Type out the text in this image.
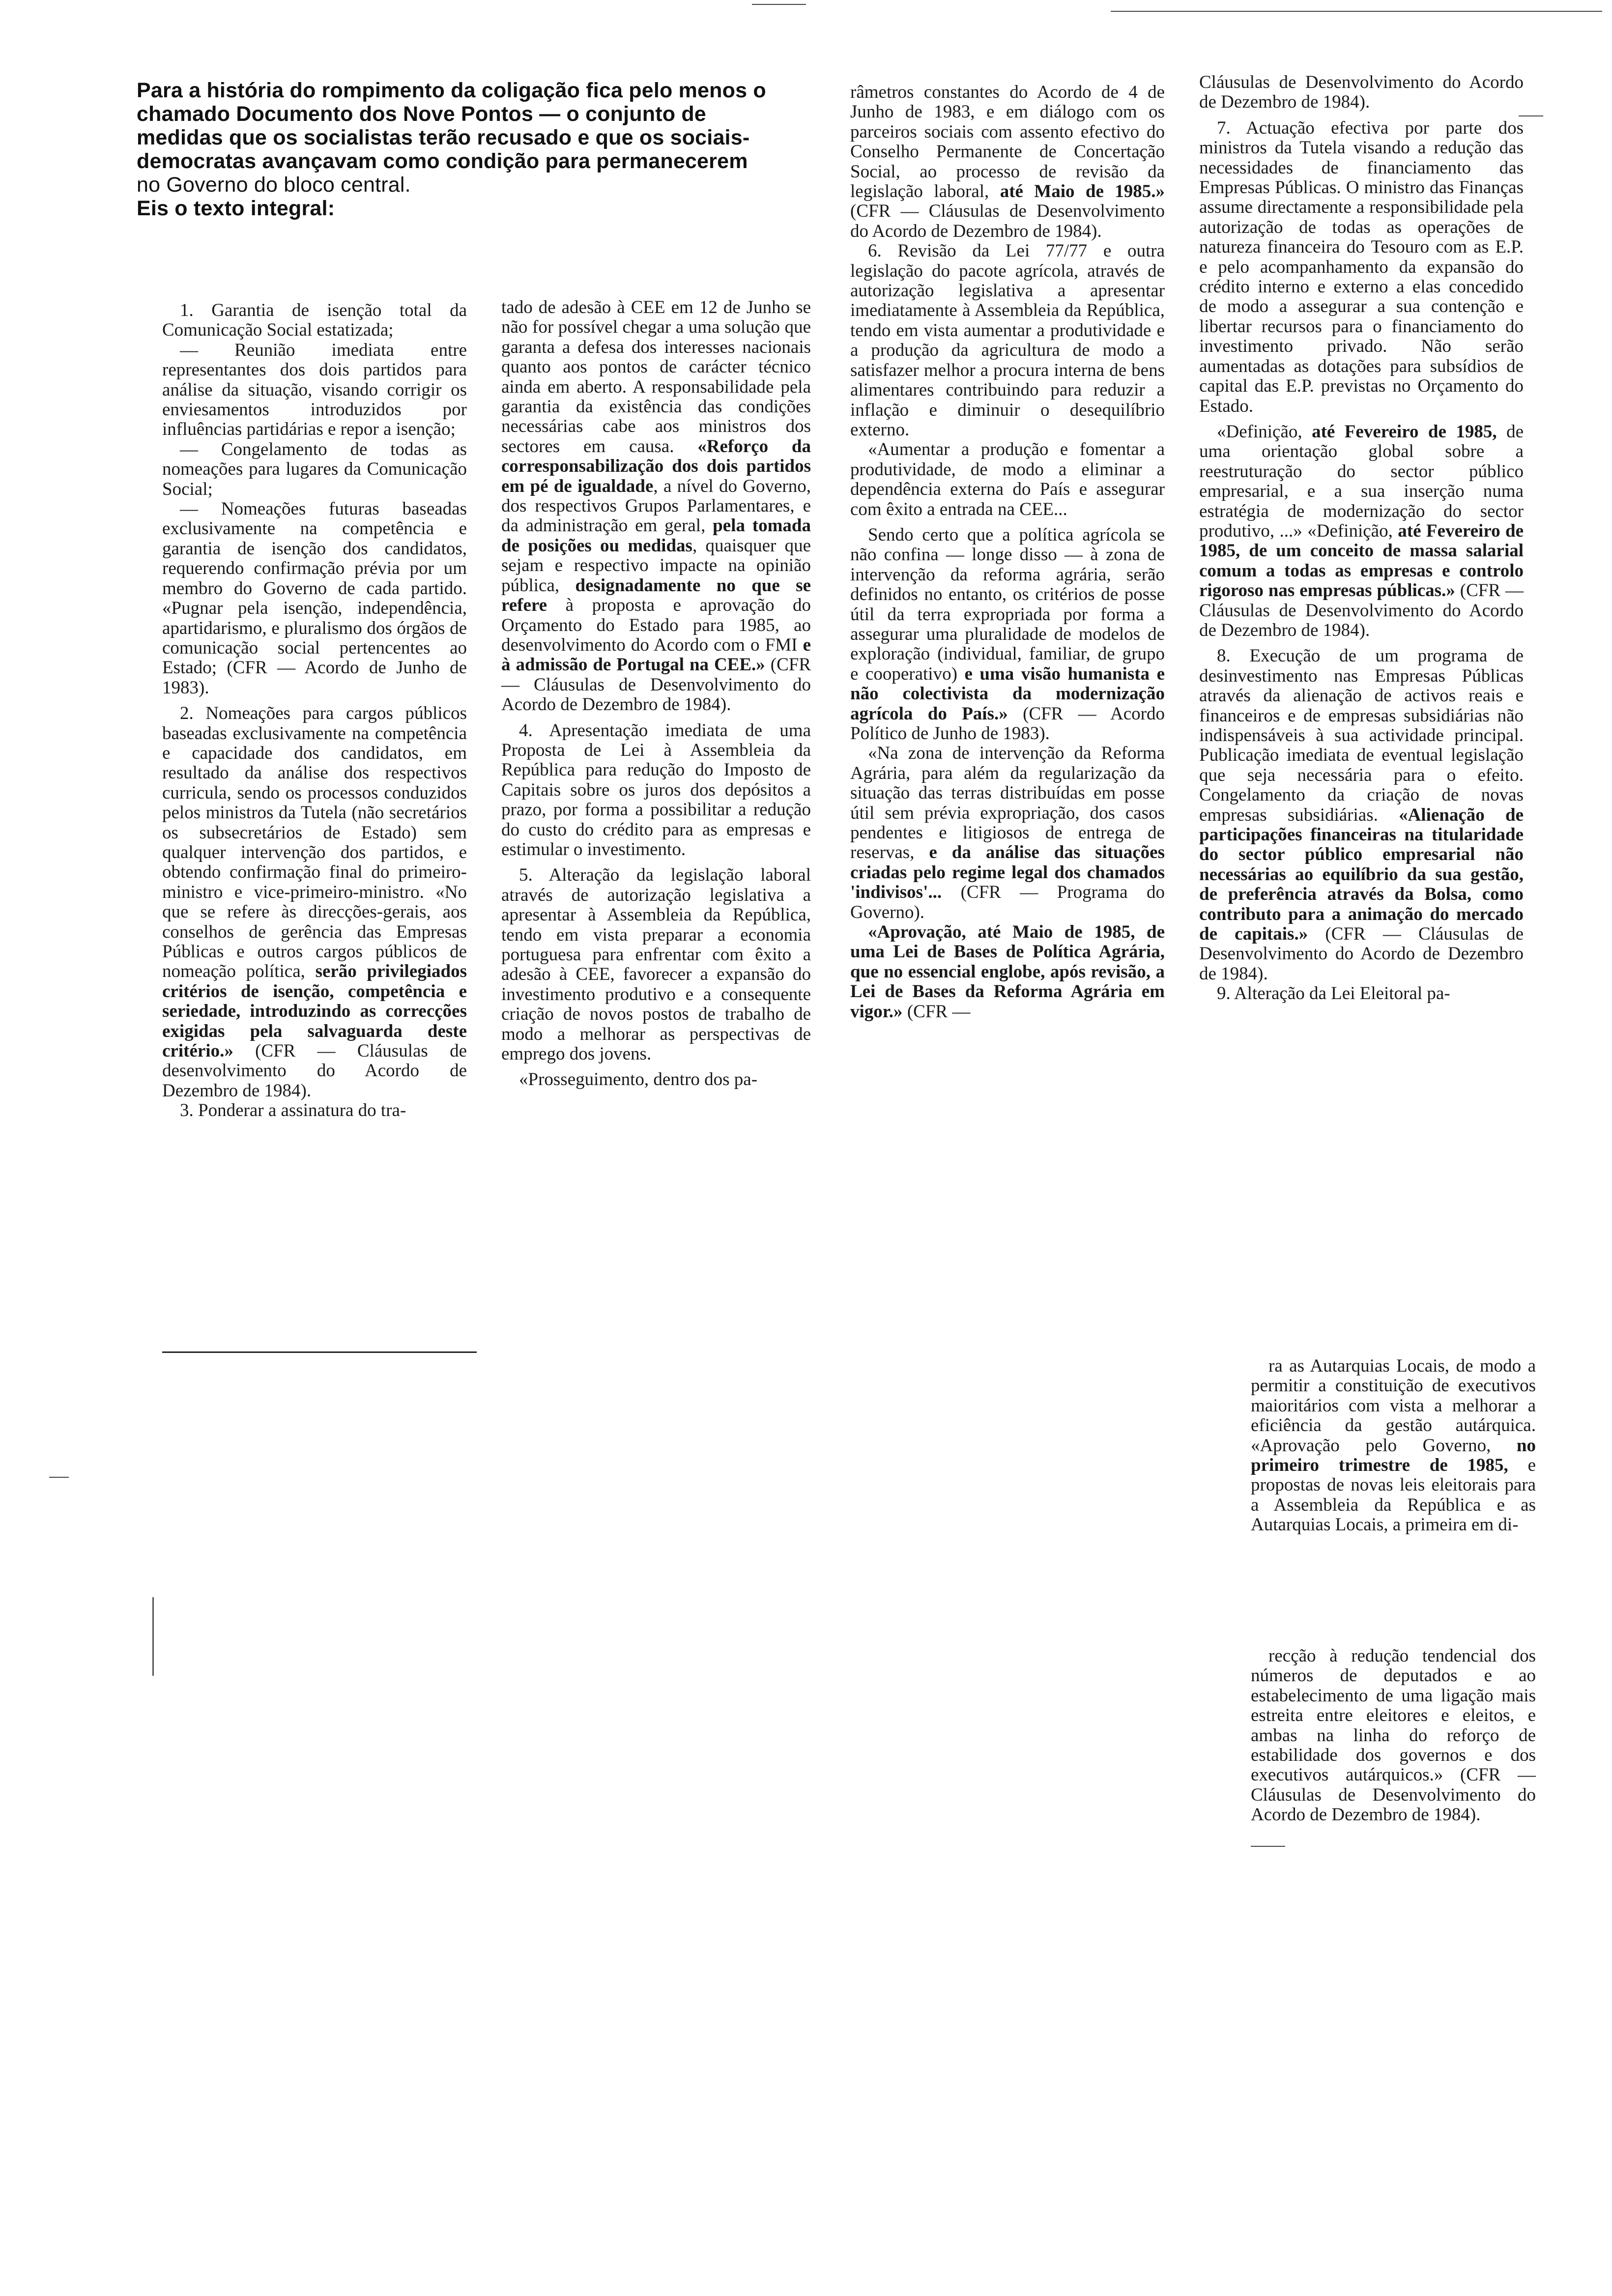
Para a história do rompimento da coligação fica pelo menos o chamado Documento dos Nove Pontos — o conjunto de medidas que os socialistas terão recusado e que os sociais-democratas avançavam como condição para permanecerem no Governo do bloco central.
Eis o texto integral:

1. Garantia de isenção total da Comunicação Social estatizada;

— Reunião imediata entre representantes dos dois partidos para análise da situação, visando corrigir os enviesamentos introduzidos por influências partidárias e repor a isenção;

— Congelamento de todas as nomeações para lugares da Comunicação Social;

— Nomeações futuras baseadas exclusivamente na competência e garantia de isenção dos candidatos, requerendo confirmação prévia por um membro do Governo de cada partido. «Pugnar pela isenção, independência, apartidarismo, e pluralismo dos órgãos de comunicação social pertencentes ao Estado; (CFR — Acordo de Junho de 1983).

2. Nomeações para cargos públicos baseadas exclusivamente na competência e capacidade dos candidatos, em resultado da análise dos respectivos curricula, sendo os processos conduzidos pelos ministros da Tutela (não secretários os subsecretários de Estado) sem qualquer intervenção dos partidos, e obtendo confirmação final do primeiro-ministro e vice-primeiro-ministro. «No que se refere às direcções-gerais, aos conselhos de gerência das Empresas Públicas e outros cargos públicos de nomeação política, serão privilegiados critérios de isenção, competência e seriedade, introduzindo as correcções exigidas pela salvaguarda deste critério.» (CFR — Cláusulas de desenvolvimento do Acordo de Dezembro de 1984).

3. Ponderar a assinatura do tra-

tado de adesão à CEE em 12 de Junho se não for possível chegar a uma solução que garanta a defesa dos interesses nacionais quanto aos pontos de carácter técnico ainda em aberto. A responsabilidade pela garantia da existência das condições necessárias cabe aos ministros dos sectores em causa. «Reforço da corresponsabilização dos dois partidos em pé de igualdade, a nível do Governo, dos respectivos Grupos Parlamentares, e da administração em geral, pela tomada de posições ou medidas, quaisquer que sejam e respectivo impacte na opinião pública, designadamente no que se refere à proposta e aprovação do Orçamento do Estado para 1985, ao desenvolvimento do Acordo com o FMI e à admissão de Portugal na CEE.» (CFR — Cláusulas de Desenvolvimento do Acordo de Dezembro de 1984).

4. Apresentação imediata de uma Proposta de Lei à Assembleia da República para redução do Imposto de Capitais sobre os juros dos depósitos a prazo, por forma a possibilitar a redução do custo do crédito para as empresas e estimular o investimento.

5. Alteração da legislação laboral através de autorização legislativa a apresentar à Assembleia da República, tendo em vista preparar a economia portuguesa para enfrentar com êxito a adesão à CEE, favorecer a expansão do investimento produtivo e a consequente criação de novos postos de trabalho de modo a melhorar as perspectivas de emprego dos jovens.

«Prosseguimento, dentro dos pa-

râmetros constantes do Acordo de 4 de Junho de 1983, e em diálogo com os parceiros sociais com assento efectivo do Conselho Permanente de Concertação Social, ao processo de revisão da legislação laboral, até Maio de 1985.» (CFR — Cláusulas de Desenvolvimento do Acordo de Dezembro de 1984).

6. Revisão da Lei 77/77 e outra legislação do pacote agrícola, através de autorização legislativa a apresentar imediatamente à Assembleia da República, tendo em vista aumentar a produtividade e a produção da agricultura de modo a satisfazer melhor a procura interna de bens alimentares contribuindo para reduzir a inflação e diminuir o desequilíbrio externo.

«Aumentar a produção e fomentar a produtividade, de modo a eliminar a dependência externa do País e assegurar com êxito a entrada na CEE...

Sendo certo que a política agrícola se não confina — longe disso — à zona de intervenção da reforma agrária, serão definidos no entanto, os critérios de posse útil da terra expropriada por forma a assegurar uma pluralidade de modelos de exploração (individual, familiar, de grupo e cooperativo) e uma visão humanista e não colectivista da modernização agrícola do País.» (CFR — Acordo Político de Junho de 1983).

«Na zona de intervenção da Reforma Agrária, para além da regularização da situação das terras distribuídas em posse útil sem prévia expropriação, dos casos pendentes e litigiosos de entrega de reservas, e da análise das situações criadas pelo regime legal dos chamados 'indivisos'... (CFR — Programa do Governo).

«Aprovação, até Maio de 1985, de uma Lei de Bases de Política Agrária, que no essencial englobe, após revisão, a Lei de Bases da Reforma Agrária em vigor.» (CFR —

Cláusulas de Desenvolvimento do Acordo de Dezembro de 1984).

7. Actuação efectiva por parte dos ministros da Tutela visando a redução das necessidades de financiamento das Empresas Públicas. O ministro das Finanças assume directamente a responsibilidade pela autorização de todas as operações de natureza financeira do Tesouro com as E.P. e pelo acompanhamento da expansão do crédito interno e externo a elas concedido de modo a assegurar a sua contenção e libertar recursos para o financiamento do investimento privado. Não serão aumentadas as dotações para subsídios de capital das E.P. previstas no Orçamento do Estado.

«Definição, até Fevereiro de 1985, de uma orientação global sobre a reestruturação do sector público empresarial, e a sua inserção numa estratégia de modernização do sector produtivo, ...» «Definição, até Fevereiro de 1985, de um conceito de massa salarial comum a todas as empresas e controlo rigoroso nas empresas públicas.» (CFR — Cláusulas de Desenvolvimento do Acordo de Dezembro de 1984).

8. Execução de um programa de desinvestimento nas Empresas Públicas através da alienação de activos reais e financeiros e de empresas subsidiárias não indispensáveis à sua actividade principal. Publicação imediata de eventual legislação que seja necessária para o efeito. Congelamento da criação de novas empresas subsidiárias. «Alienação de participações financeiras na titularidade do sector público empresarial não necessárias ao equilíbrio da sua gestão, de preferência através da Bolsa, como contributo para a animação do mercado de capitais.» (CFR — Cláusulas de Desenvolvimento do Acordo de Dezembro de 1984).

9. Alteração da Lei Eleitoral pa-

ra as Autarquias Locais, de modo a permitir a constituição de executivos maioritários com vista a melhorar a eficiência da gestão autárquica. «Aprovação pelo Governo, no primeiro trimestre de 1985, e propostas de novas leis eleitorais para a Assembleia da República e as Autarquias Locais, a primeira em di-

recção à redução tendencial dos números de deputados e ao estabelecimento de uma ligação mais estreita entre eleitores e eleitos, e ambas na linha do reforço de estabilidade dos governos e dos executivos autárquicos.» (CFR — Cláusulas de Desenvolvimento do Acordo de Dezembro de 1984).
